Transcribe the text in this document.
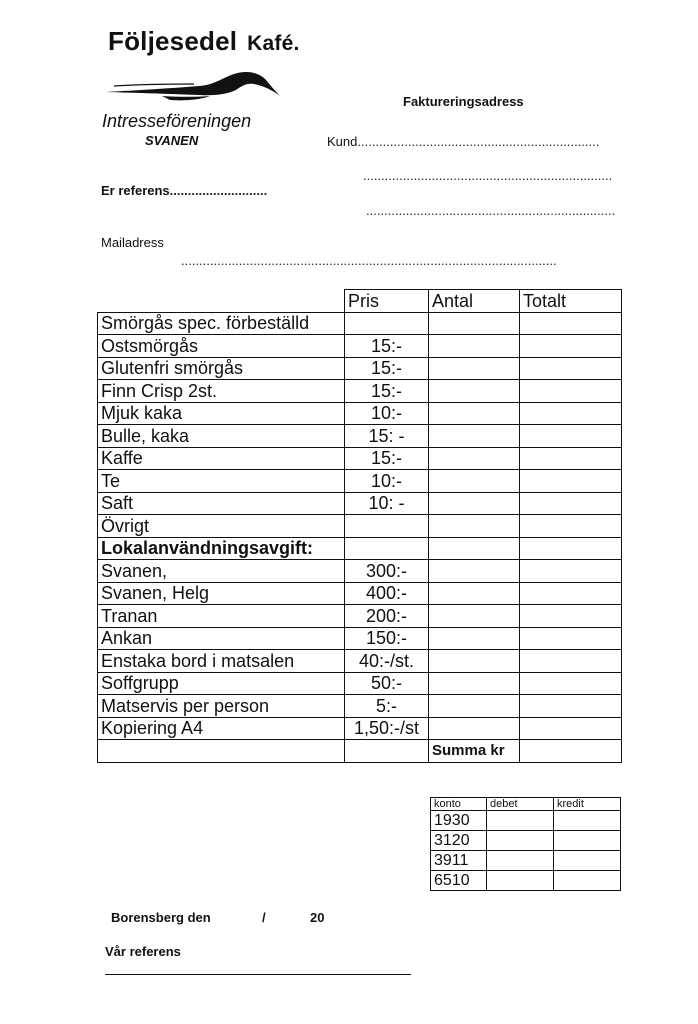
Följesedel Kafé.
Intresseföreningen
SVANEN
Faktureringsadress
Kund...................................................................
.....................................................................
.....................................................................
Er referens...........................
Mailadress
........................................................................................................
	Pris	Antal	Totalt
Smörgås spec. förbeställd			
Ostsmörgås	15:-		
Glutenfri smörgås	15:-		
Finn Crisp 2st.	15:-		
Mjuk kaka	10:-		
Bulle, kaka	15: -		
Kaffe	15:-		
Te	10:-		
Saft	10: -		
Övrigt			
Lokalanvändningsavgift:			
Svanen,	300:-		
Svanen, Helg	400:-		
Tranan	200:-		
Ankan	150:-		
Enstaka bord i matsalen	40:-/st.		
Soffgrupp	50:-		
Matservis per person	5:-		
Kopiering A4	1,50:-/st		
		Summa kr	
konto	debet	kredit
1930		
3120		
3911		
6510		
Borensberg den	/	20
Vår referens
